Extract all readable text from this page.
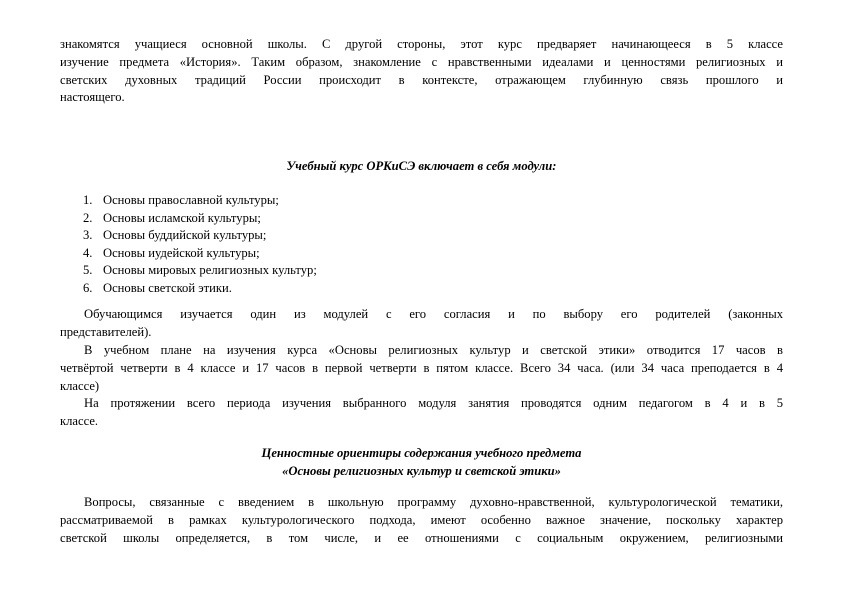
знакомятся учащиеся основной школы. С другой стороны, этот курс предваряет начинающееся в 5 классе
изучение предмета «История». Таким образом, знакомление с нравственными идеалами и ценностями религиозных и
светских духовных традиций России происходит в контексте, отражающем глубинную связь прошлого и
настоящего.
Учебный курс ОРКиСЭ включает в себя модули:
1. Основы православной культуры;
2. Основы исламской культуры;
3. Основы буддийской культуры;
4. Основы иудейской культуры;
5. Основы мировых религиозных культур;
6. Основы светской этики.
Обучающимся изучается один из модулей с его согласия и по выбору его родителей (законных
представителей).
В учебном плане на изучения курса «Основы религиозных культур и светской этики» отводится 17 часов в
четвёртой четверти в 4 классе и 17 часов в первой четверти в пятом классе. Всего 34 часа. (или 34 часа преподается в 4
классе)
На протяжении всего периода изучения выбранного модуля занятия проводятся одним педагогом в 4 и в 5
классе.
Ценностные ориентиры содержания учебного предмета
«Основы религиозных культур и светской этики»
Вопросы, связанные с введением в школьную программу духовно-нравственной, культурологической тематики,
рассматриваемой в рамках культурологического подхода, имеют особенно важное значение, поскольку характер
светской школы определяется, в том числе, и ее отношениями с социальным окружением, религиозными
